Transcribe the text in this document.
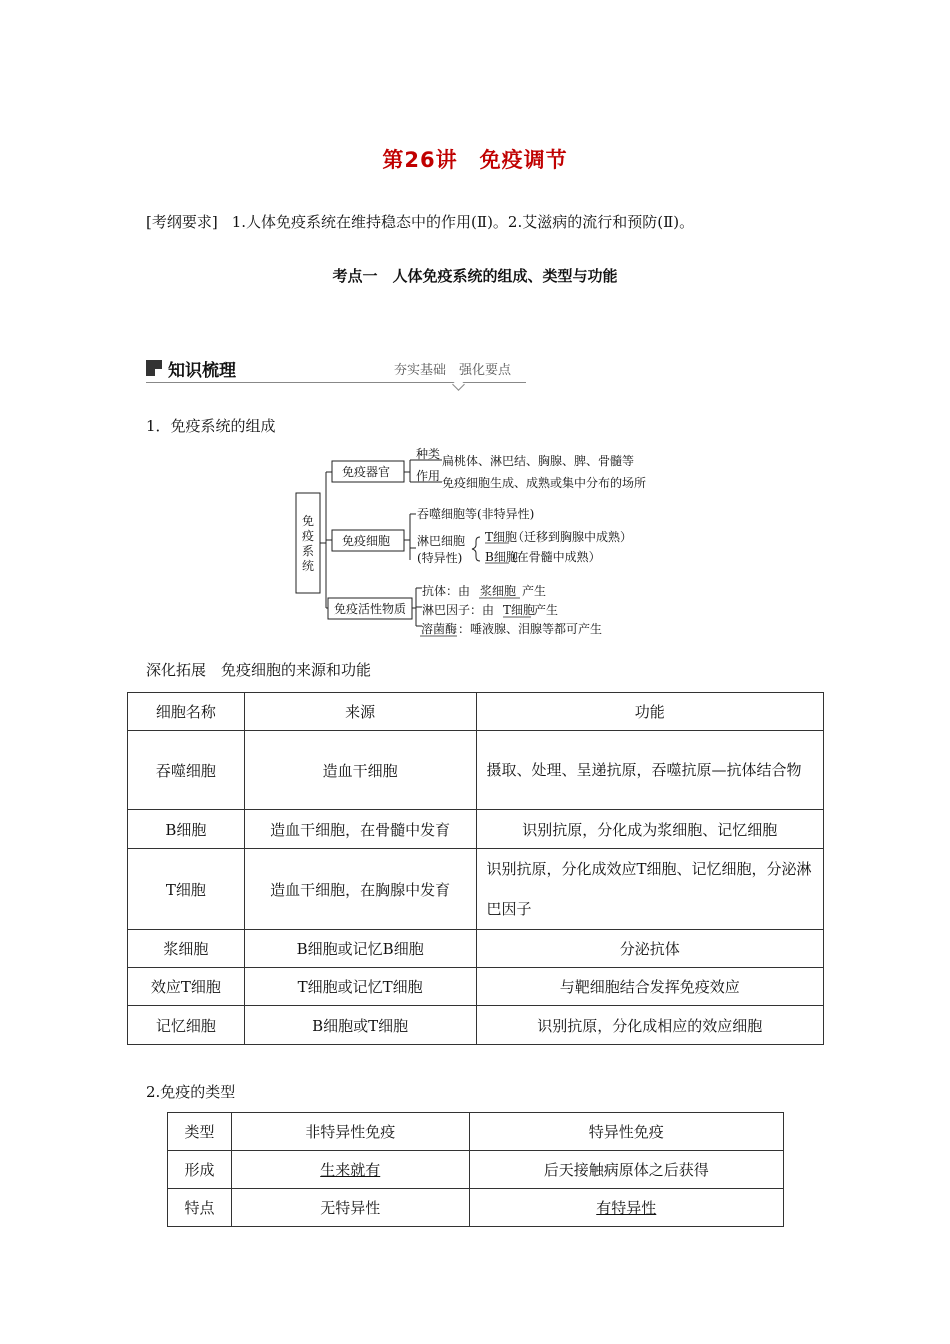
第26讲　免疫调节
[考纲要求] 1.人体免疫系统在维持稳态中的作用(Ⅱ)。2.艾滋病的流行和预防(Ⅱ)。
考点一　人体免疫系统的组成、类型与功能
知识梳理	夯实基础　强化要点
1．免疫系统的组成
免
疫
系
统
免疫器官
种类 扁桃体、淋巴结、胸腺、脾、骨髓等
作用 免疫细胞生成、成熟或集中分布的场所
免疫细胞
吞噬细胞等(非特异性)
淋巴细胞
(特异性)
T细胞
（迁移到胸腺中成熟）
B细胞
(在骨髓中成熟）
免疫活性物质
抗体：由 浆细胞 产生
淋巴因子：由 T细胞
产生
溶菌酶 ：唾液腺、泪腺等都可产生
深化拓展　免疫细胞的来源和功能
细胞名称	来源	功能
吞噬细胞	造血干细胞	摄取、处理、呈递抗原，吞噬抗原—抗体结合物
B细胞	造血干细胞，在骨髓中发育	识别抗原，分化成为浆细胞、记忆细胞
T细胞	造血干细胞，在胸腺中发育	识别抗原，分化成效应T细胞、记忆细胞，分泌淋巴因子
浆细胞	B细胞或记忆B细胞	分泌抗体
效应T细胞	T细胞或记忆T细胞	与靶细胞结合发挥免疫效应
记忆细胞	B细胞或T细胞	识别抗原，分化成相应的效应细胞
2.免疫的类型
类型	非特异性免疫	特异性免疫
形成	生来就有	后天接触病原体之后获得
特点	无特异性	有特异性
